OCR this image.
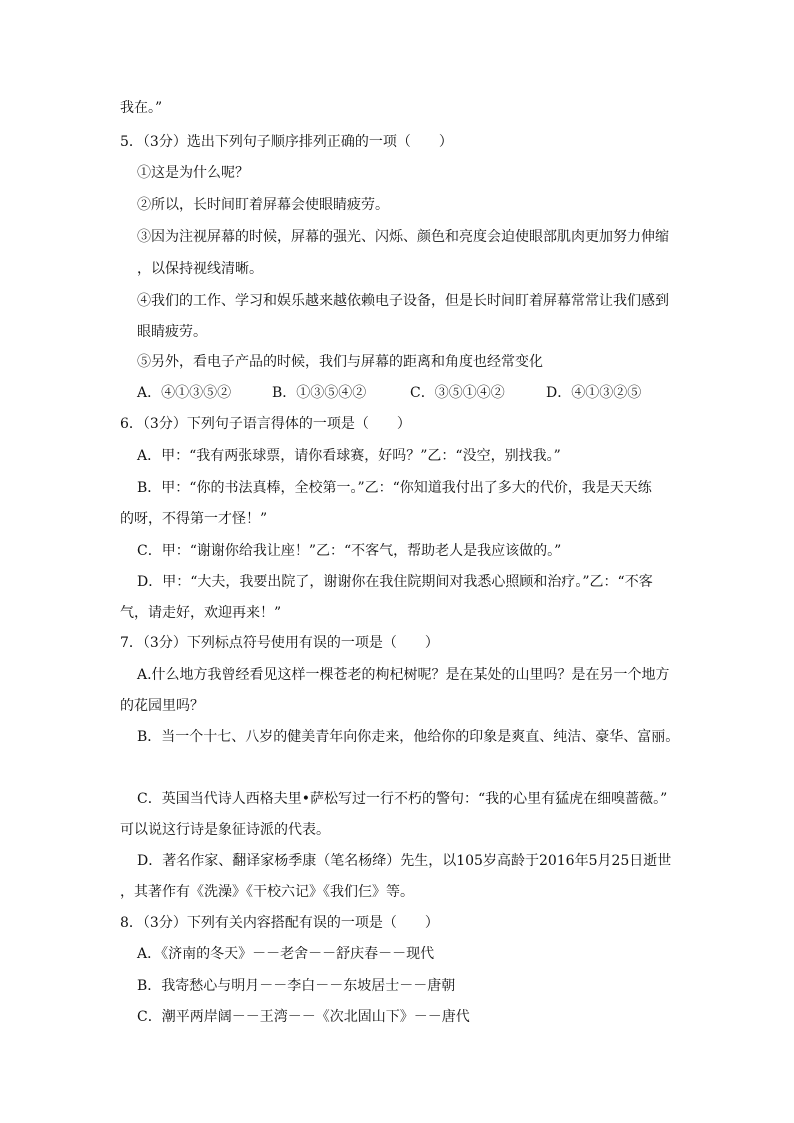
我在。”
5．（3分）选出下列句子顺序排列正确的一项（　　）
①这是为什么呢？
②所以，长时间盯着屏幕会使眼睛疲劳。
③因为注视屏幕的时候，屏幕的强光、闪烁、颜色和亮度会迫使眼部肌肉更加努力伸缩
，以保持视线清晰。
④我们的工作、学习和娱乐越来越依赖电子设备，但是长时间盯着屏幕常常让我们感到
眼睛疲劳。
⑤另外，看电子产品的时候，我们与屏幕的距离和角度也经常变化
A．④①③⑤②	B．①③⑤④②	C．③⑤①④②	D．④①③②⑤
6．（3分）下列句子语言得体的一项是（　　）
A．甲：“我有两张球票，请你看球赛，好吗？”乙：“没空，别找我。”
B．甲：“你的书法真棒，全校第一。”乙：“你知道我付出了多大的代价，我是天天练
的呀，不得第一才怪！”
C．甲：“谢谢你给我让座！”乙：“不客气，帮助老人是我应该做的。”
D．甲：“大夫，我要出院了，谢谢你在我住院期间对我悉心照顾和治疗。”乙：“不客
气，请走好，欢迎再来！”
7．（3分）下列标点符号使用有误的一项是（　　）
A.什么地方我曾经看见这样一棵苍老的枸杞树呢？是在某处的山里吗？是在另一个地方
的花园里吗？
B．当一个十七、八岁的健美青年向你走来，他给你的印象是爽直、纯洁、豪华、富丽。
C．英国当代诗人西格夫里•萨松写过一行不朽的警句：“我的心里有猛虎在细嗅蔷薇。”
可以说这行诗是象征诗派的代表。
D．著名作家、翻译家杨季康（笔名杨绛）先生，以105岁高龄于2016年5月25日逝世
，其著作有《洗澡》《干校六记》《我们仨》等。
8．（3分）下列有关内容搭配有误的一项是（　　）
A．《济南的冬天》－－老舍－－舒庆春－－现代
B．我寄愁心与明月－－李白－－东坡居士－－唐朝
C．潮平两岸阔－－王湾－－《次北固山下》－－唐代
